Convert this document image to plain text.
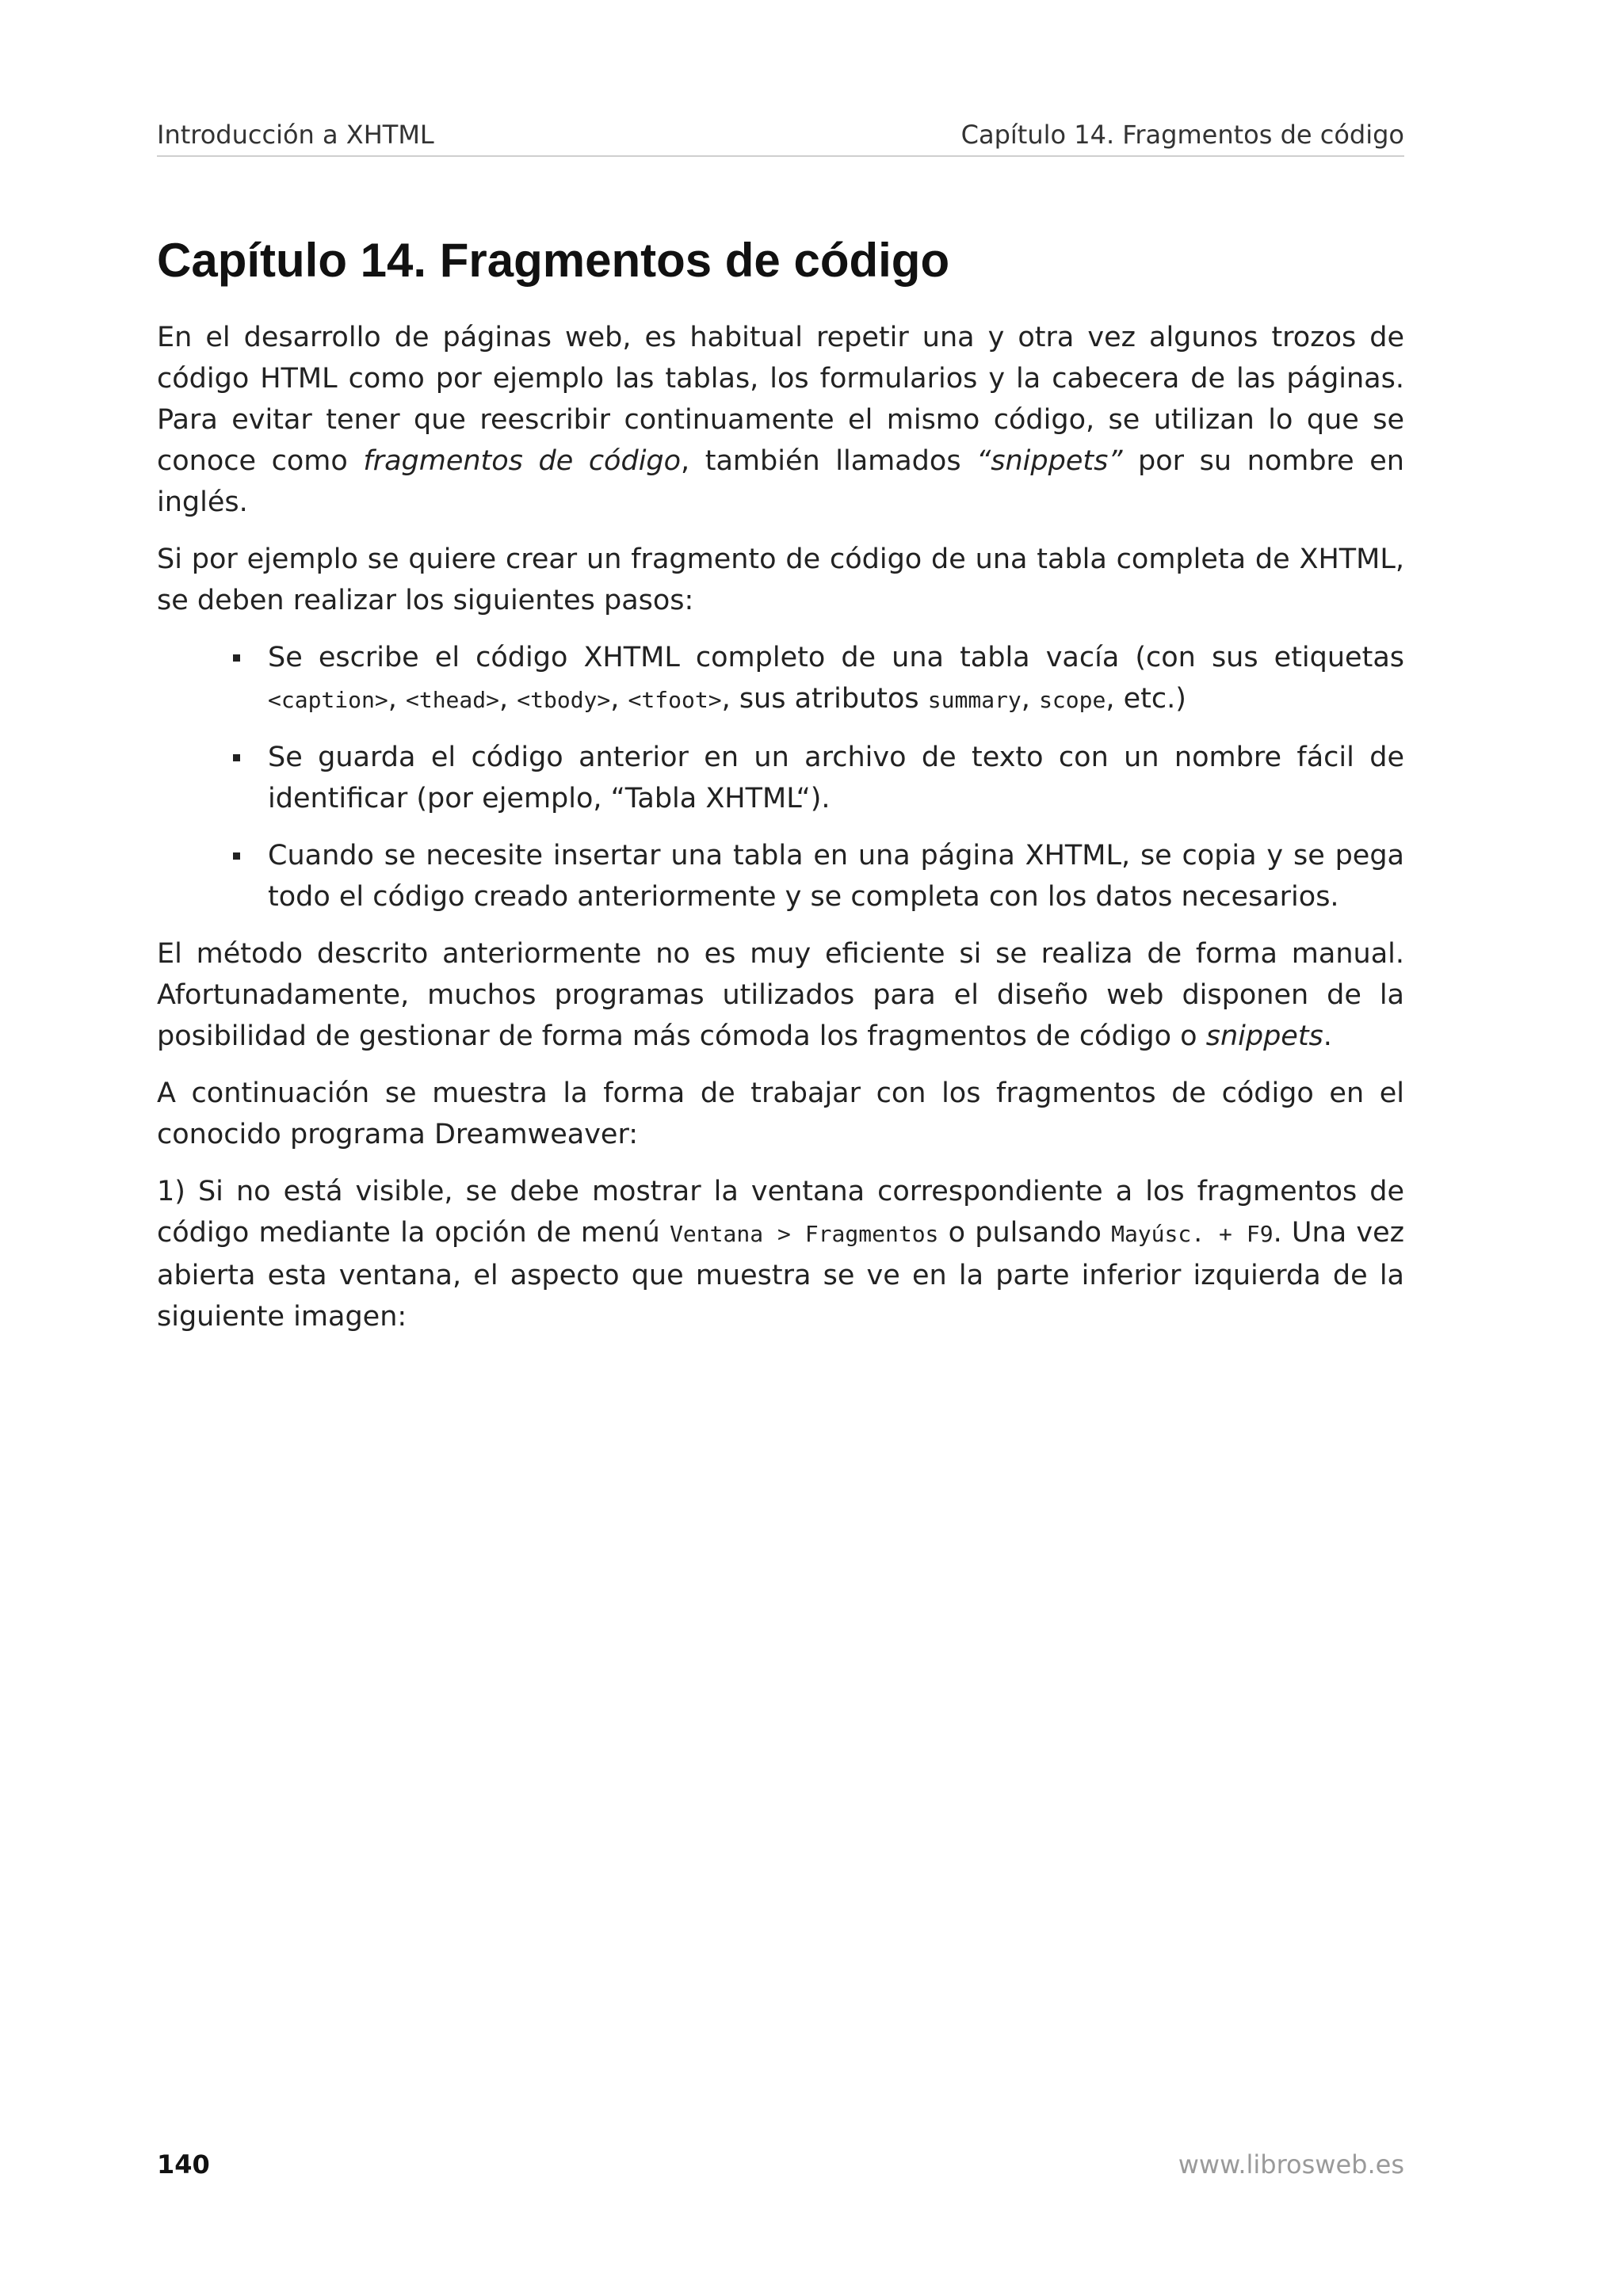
Introducción a XHTML	Capítulo 14. Fragmentos de código
Capítulo 14. Fragmentos de código

En el desarrollo de páginas web, es habitual repetir una y otra vez algunos trozos de código HTML como por ejemplo las tablas, los formularios y la cabecera de las páginas. Para evitar tener que reescribir continuamente el mismo código, se utilizan lo que se conoce como fragmentos de código, también llamados “snippets” por su nombre en inglés.

Si por ejemplo se quiere crear un fragmento de código de una tabla completa de XHTML, se deben realizar los siguientes pasos:

Se escribe el código XHTML completo de una tabla vacía (con sus etiquetas <caption>, <thead>, <tbody>, <tfoot>, sus atributos summary, scope, etc.)
Se guarda el código anterior en un archivo de texto con un nombre fácil de identificar (por ejemplo, “Tabla XHTML“).
Cuando se necesite insertar una tabla en una página XHTML, se copia y se pega todo el código creado anteriormente y se completa con los datos necesarios.

El método descrito anteriormente no es muy eficiente si se realiza de forma manual. Afortunadamente, muchos programas utilizados para el diseño web disponen de la posibilidad de gestionar de forma más cómoda los fragmentos de código o snippets.

A continuación se muestra la forma de trabajar con los fragmentos de código en el conocido programa Dreamweaver:

1) Si no está visible, se debe mostrar la ventana correspondiente a los fragmentos de código mediante la opción de menú Ventana > Fragmentos o pulsando Mayúsc. + F9. Una vez abierta esta ventana, el aspecto que muestra se ve en la parte inferior izquierda de la siguiente imagen:

140	www.librosweb.es
